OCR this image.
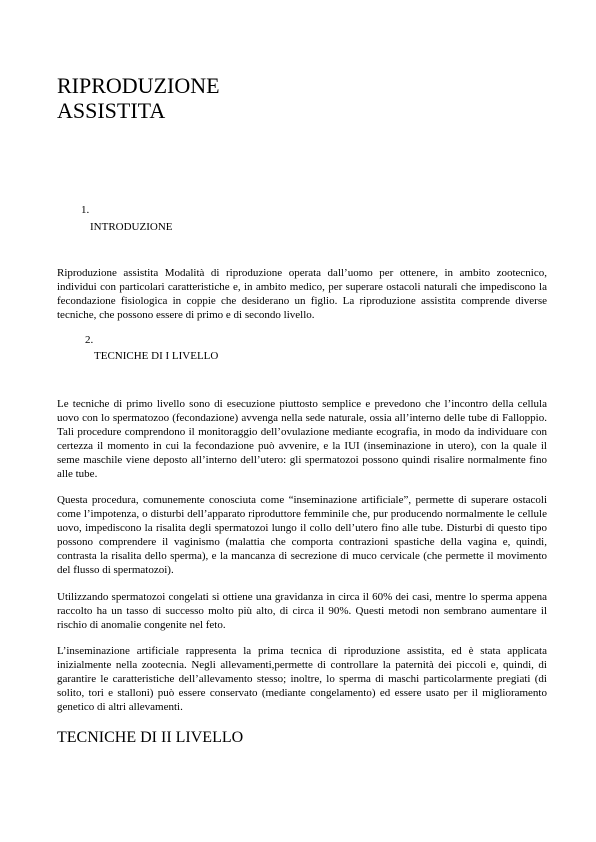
RIPRODUZIONE
ASSISTITA
1.
INTRODUZIONE

Riproduzione assistita Modalità di riproduzione operata dall’uomo per ottenere, in ambito zootecnico, individui con particolari caratteristiche e, in ambito medico, per superare ostacoli naturali che impediscono la fecondazione fisiologica in coppie che desiderano un figlio. La riproduzione assistita comprende diverse tecniche, che possono essere di primo e di secondo livello.

2.
TECNICHE DI I LIVELLO

Le tecniche di primo livello sono di esecuzione piuttosto semplice e prevedono che l’incontro della cellula uovo con lo spermatozoo (fecondazione) avvenga nella sede naturale, ossia all’interno delle tube di Falloppio. Tali procedure comprendono il monitoraggio dell’ovulazione mediante ecografia, in modo da individuare con certezza il momento in cui la fecondazione può avvenire, e la IUI (inseminazione in utero), con la quale il seme maschile viene deposto all’interno dell’utero: gli spermatozoi possono quindi risalire normalmente fino alle tube.

Questa procedura, comunemente conosciuta come “inseminazione artificiale”, permette di superare ostacoli come l’impotenza, o disturbi dell’apparato riproduttore femminile che, pur producendo normalmente le cellule uovo, impediscono la risalita degli spermatozoi lungo il collo dell’utero fino alle tube. Disturbi di questo tipo possono comprendere il vaginismo (malattia che comporta contrazioni spastiche della vagina e, quindi, contrasta la risalita dello sperma), e la mancanza di secrezione di muco cervicale (che permette il movimento del flusso di spermatozoi).

Utilizzando spermatozoi congelati si ottiene una gravidanza in circa il 60% dei casi, mentre lo sperma appena raccolto ha un tasso di successo molto più alto, di circa il 90%. Questi metodi non sembrano aumentare il rischio di anomalie congenite nel feto.

L’inseminazione artificiale rappresenta la prima tecnica di riproduzione assistita, ed è stata applicata inizialmente nella zootecnia. Negli allevamenti,permette di controllare la paternità dei piccoli e, quindi, di garantire le caratteristiche dell’allevamento stesso; inoltre, lo sperma di maschi particolarmente pregiati (di solito, tori e stalloni) può essere conservato (mediante congelamento) ed essere usato per il miglioramento genetico di altri allevamenti.

TECNICHE DI II LIVELLO
